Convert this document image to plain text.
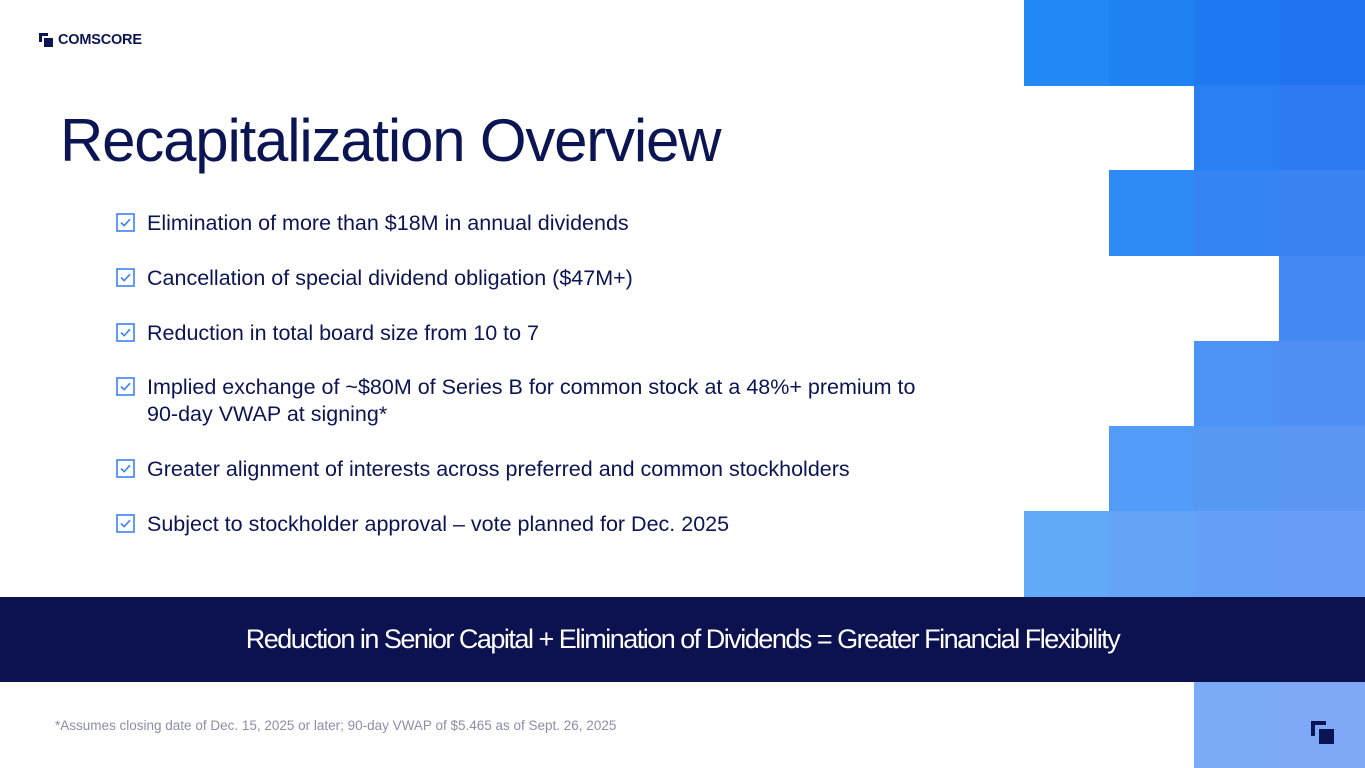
COMSCORE
Recapitalization Overview
Elimination of more than $18M in annual dividends
Cancellation of special dividend obligation ($47M+)
Reduction in total board size from 10 to 7
Implied exchange of ~$80M of Series B for common stock at a 48%+ premium to 90-day VWAP at signing*
Greater alignment of interests across preferred and common stockholders
Subject to stockholder approval – vote planned for Dec. 2025
Reduction in Senior Capital + Elimination of Dividends = Greater Financial Flexibility
*Assumes closing date of Dec. 15, 2025 or later; 90-day VWAP of $5.465 as of Sept. 26, 2025
